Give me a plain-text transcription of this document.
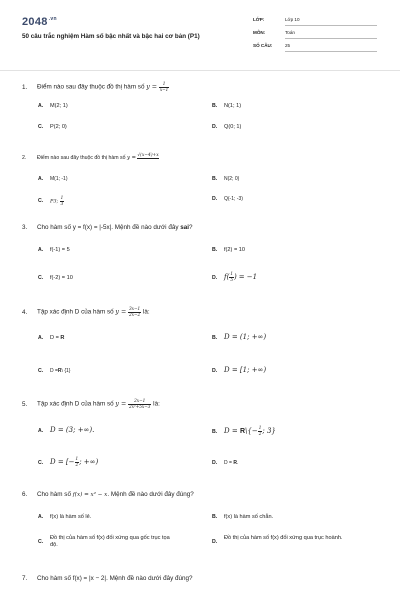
$2048^{.vn}$
50 câu trắc nghiệm Hàm số bậc nhất và bậc hai cơ bản (P1)
LỚP:	Lớp 10
MÔN:	Toán
SỐ CÂU:	25
1. Điểm nào sau đây thuộc đồ thị hàm số $y = \frac{1}{x-1}$
A. M(2; 1)	B. N(1; 1)
C. P(2; 0)	D. Q(0; 1)
2. Điểm nào sau đây thuộc đồ thị hàm số y = $^{√(x-4)+x}$
A. M(1; -1)	B. N(2; 0)
C. P3; $\frac{1}{3}$	D. Q(-1; -3)
3. Cho hàm số y = f(x) = |-5x|. Mệnh đề nào dưới đây sai?
A. f(-1) = 5	B. f(2) = 10
C. f(-2) = 10	D. $f( \frac{1}{5}$ ) = −1
4. Tập xác định D của hàm số $y = \frac{3x-1}{2x-2}$ là:
A. D = R	B. D = (1; +∞)
C. D =R\ {1}	D. D = [1; +∞)
5. Tập xác định D của hàm số $y = \frac{2x-1}{\text{2x²+5x−3}}$ là:
A. D = (3; +∞).	B. D = R\{− $\frac{1}{2}$ ; 3}
C. D = [− $\frac{1}{2}$ ; +∞)	D. D = R.
6. Cho hàm số f(x) = x² − x. Mệnh đề nào dưới đây đúng?
A. f(x) là hàm số lẻ.	B. f(x) là hàm số chẵn.
C.
Đồ thị của hàm số f(x) đối xứng qua gốc trục tọa độ.	D.
Đồ thị của hàm số f(x) đối xứng qua trục hoành.
7. Cho hàm số f(x) = |x − 2|. Mệnh đề nào dưới đây đúng?
